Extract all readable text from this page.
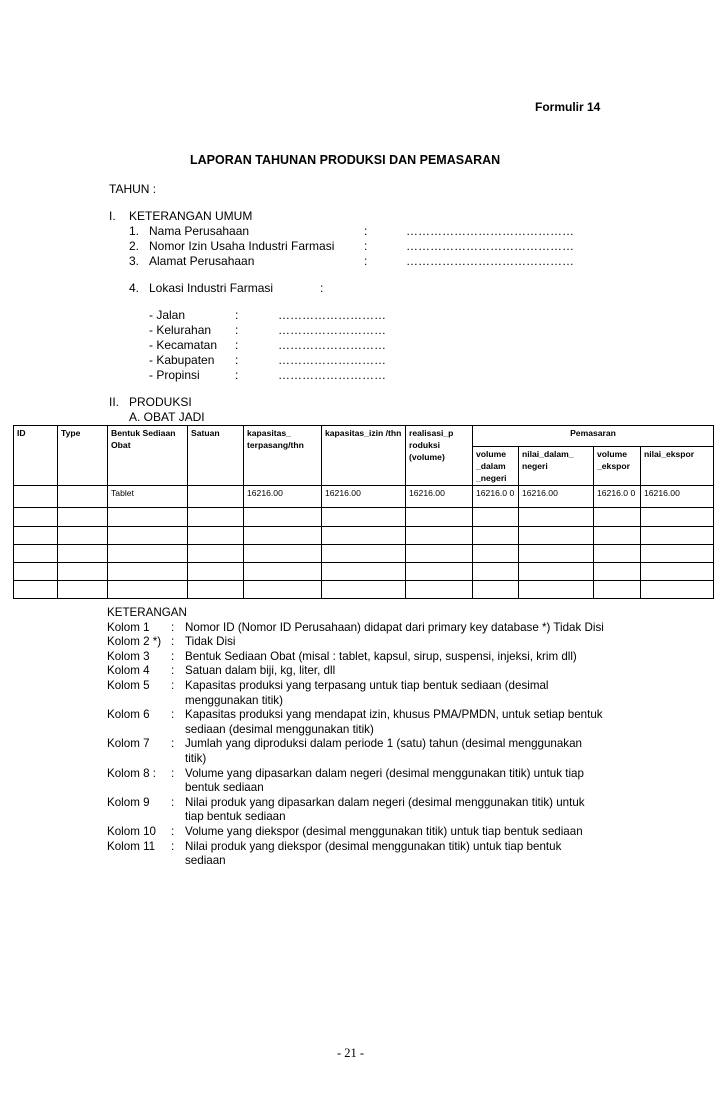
Formulir 14
LAPORAN TAHUNAN PRODUKSI DAN PEMASARAN
TAHUN :
I. KETERANGAN UMUM
1. Nama Perusahaan	:	……………………………………
2. Nomor Izin Usaha Industri Farmasi :	……………………………………
3. Alamat Perusahaan	:	……………………………………
4. Lokasi Industri Farmasi	:
- Jalan	:	………………………
- Kelurahan :	………………………
- Kecamatan :	………………………
- Kabupaten :	………………………
- Propinsi	:	………………………
II. PRODUKSI
A. OBAT JADI
ID	Type	Bentuk Sediaan Obat	Satuan	kapasitas_ terpasang/thn	kapasitas_izin /thn	realisasi_p roduksi (volume)	Pemasaran			
							volume _dalam _negeri	nilai_dalam_ negeri	volume _ekspor	nilai_ekspor
		Tablet		16216.00	16216.00	16216.00	16216.0 0	16216.00	16216.0 0	16216.00

KETERANGAN
Kolom 1	: Nomor ID (Nomor ID Perusahaan) didapat dari primary key database *) Tidak Disi
Kolom 2 *) : Tidak Disi
Kolom 3	: Bentuk Sediaan Obat (misal : tablet, kapsul, sirup, suspensi, injeksi, krim dll)
Kolom 4	: Satuan dalam biji, kg, liter, dll
Kolom 5	: Kapasitas produksi yang terpasang untuk tiap bentuk sediaan (desimal menggunakan titik)
Kolom 6	: Kapasitas produksi yang mendapat izin, khusus PMA/PMDN, untuk setiap bentuk sediaan (desimal menggunakan titik)
Kolom 7	: Jumlah yang diproduksi dalam periode 1 (satu) tahun (desimal menggunakan titik)
Kolom 8 :	: Volume yang dipasarkan dalam negeri (desimal menggunakan titik) untuk tiap bentuk sediaan
Kolom 9	: Nilai produk yang dipasarkan dalam negeri (desimal menggunakan titik) untuk tiap bentuk sediaan
Kolom 10	: Volume yang diekspor (desimal menggunakan titik) untuk tiap bentuk sediaan
Kolom 11	: Nilai produk yang diekspor (desimal menggunakan titik) untuk tiap bentuk sediaan
- 21 -
